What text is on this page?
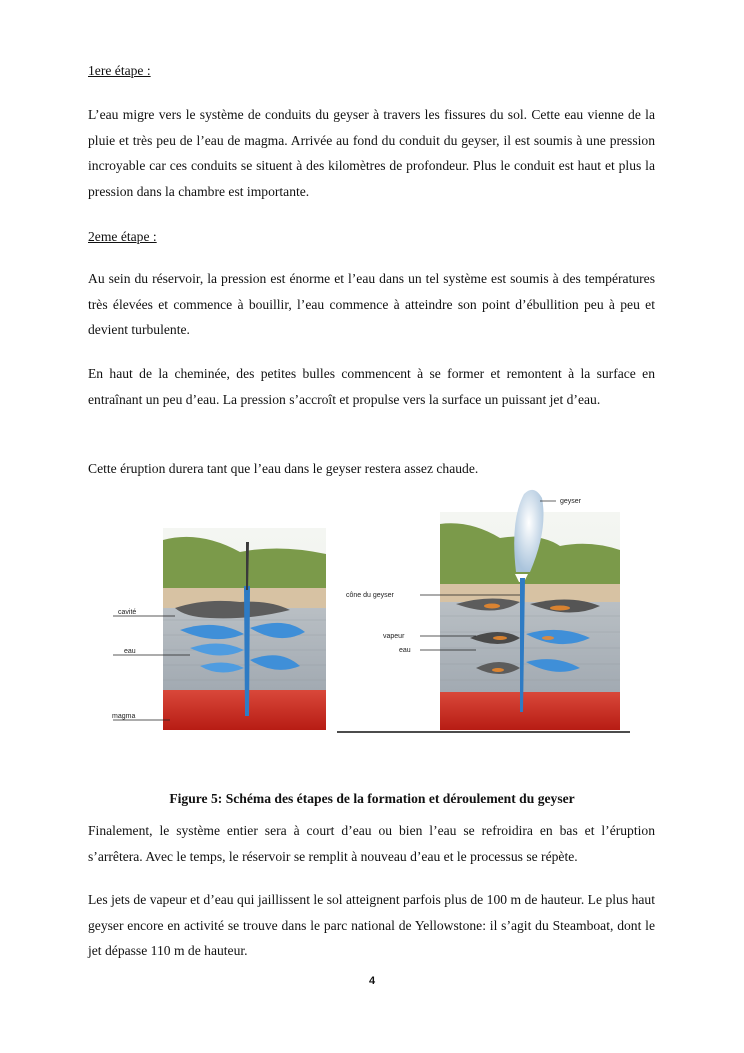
1ere étape :

L’eau migre vers le système de conduits du geyser à travers les fissures du sol. Cette eau vienne de la pluie et très peu de l’eau de magma. Arrivée au fond du conduit du geyser, il est soumis à une pression incroyable car ces conduits se situent à des kilomètres de profondeur. Plus le conduit est haut et plus la pression dans la chambre est importante.

2eme étape :

Au sein du réservoir, la pression est énorme et l’eau dans un tel système est soumis à des températures très élevées et commence à bouillir, l’eau commence à atteindre son point d’ébullition peu à peu et devient turbulente.

En haut de la cheminée, des petites bulles commencent à se former et remontent à la surface en entraînant un peu d’eau. La pression s’accroît et propulse vers la surface un puissant jet d’eau.

Cette éruption durera tant que l’eau dans le geyser restera assez chaude.

cavité
eau
magma
geyser
cône du geyser
vapeur
eau
Figure 5: Schéma des étapes de la formation et déroulement du geyser

Finalement, le système entier sera à court d’eau ou bien l’eau se refroidira en bas et l’éruption s’arrêtera. Avec le temps, le réservoir se remplit à nouveau d’eau et le processus se répète.

Les jets de vapeur et d’eau qui jaillissent le sol atteignent parfois plus de 100 m de hauteur. Le plus haut geyser encore en activité se trouve dans le parc national de Yellowstone: il s’agit du Steamboat, dont le jet dépasse 110 m de hauteur.

4
